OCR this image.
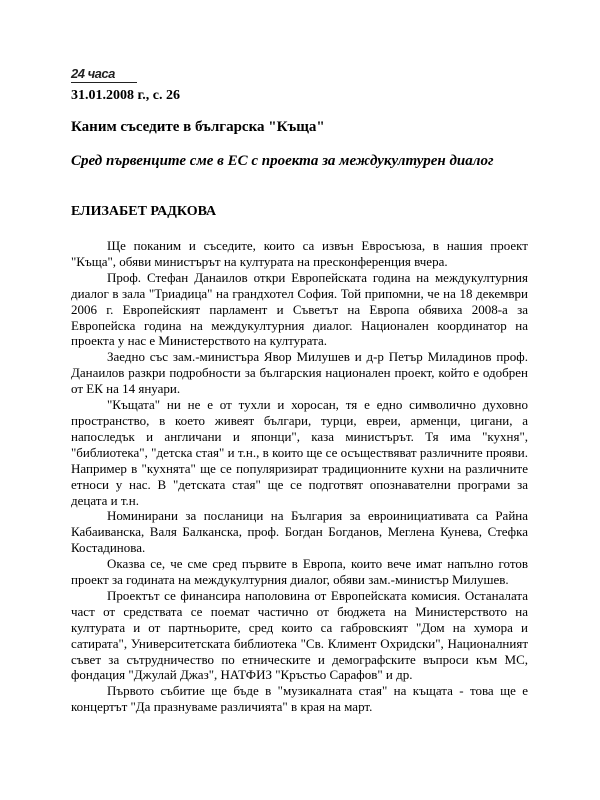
24 часа
31.01.2008 г., с. 26
Каним съседите в българска "Къща"
Сред първенците сме в ЕС с проекта за междукултурен диалог
ЕЛИЗАБЕТ РАДКОВА

Ще поканим и съседите, които са извън Евросъюза, в нашия проект "Къща", обяви министърът на културата на пресконференция вчера.

Проф. Стефан Данаилов откри Европейската година на междукултурния диалог в зала "Триадица" на грандхотел София. Той припомни, че на 18 декември 2006 г. Европейският парламент и Съветът на Европа обявиха 2008-а за Европейска година на междукултурния диалог. Национален координатор на проекта у нас е Министерството на културата.

Заедно със зам.-министъра Явор Милушев и д-р Петър Миладинов проф. Данаилов разкри подробности за българския национален проект, който е одобрен от ЕК на 14 януари.

"Къщата" ни не е от тухли и хоросан, тя е едно символично духовно пространство, в което живеят българи, турци, евреи, арменци, цигани, а напоследък и англичани и японци", каза министърът. Тя има "кухня", "библиотека", "детска стая" и т.н., в които ще се осъществяват различните прояви. Например в "кухнята" ще се популяризират традиционните кухни на различните етноси у нас. В "детската стая" ще се подготвят опознавателни програми за децата и т.н.

Номинирани за посланици на България за евроинициативата са Райна Кабаиванска, Валя Балканска, проф. Богдан Богданов, Меглена Кунева, Стефка Костадинова.

Оказва се, че сме сред първите в Европа, които вече имат напълно готов проект за годината на междукултурния диалог, обяви зам.-министър Милушев.

Проектът се финансира наполовина от Европейската комисия. Останалата част от средствата се поемат частично от бюджета на Министерството на културата и от партньорите, сред които са габровският "Дом на хумора и сатирата", Университетската библиотека "Св. Климент Охридски", Националният съвет за сътрудничество по етническите и демографските въпроси към МС, фондация "Джулай Джаз", НАТФИЗ "Кръстьо Сарафов" и др.

Първото събитие ще бъде в "музикалната стая" на къщата - това ще е концертът "Да празнуваме различията" в края на март.
